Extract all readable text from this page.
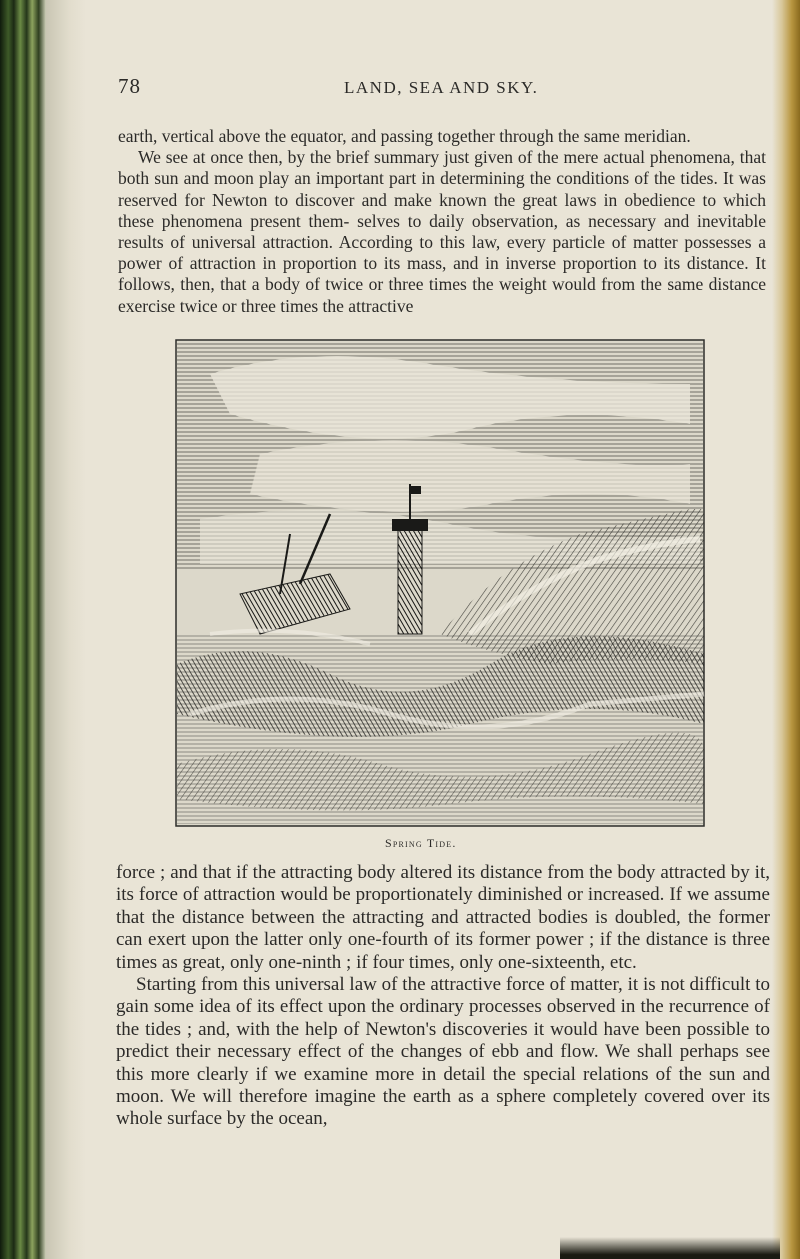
78	LAND, SEA AND SKY.

earth, vertical above the equator, and passing together through the same meridian.

We see at once then, by the brief summary just given of the mere actual phenomena, that both sun and moon play an important part in determining the conditions of the tides. It was reserved for Newton to discover and make known the great laws in obedience to which these phenomena present them- selves to daily observation, as necessary and inevitable results of universal attraction. According to this law, every particle of matter possesses a power of attraction in proportion to its mass, and in inverse proportion to its distance. It follows, then, that a body of twice or three times the weight would from the same distance exercise twice or three times the attractive

Spring Tide.

force ; and that if the attracting body altered its distance from the body attracted by it, its force of attraction would be proportionately diminished or increased. If we assume that the distance between the attracting and attracted bodies is doubled, the former can exert upon the latter only one-fourth of its former power ; if the distance is three times as great, only one-ninth ; if four times, only one-sixteenth, etc.

Starting from this universal law of the attractive force of matter, it is not difficult to gain some idea of its effect upon the ordinary processes observed in the recurrence of the tides ; and, with the help of Newton's discoveries it would have been possible to predict their necessary effect of the changes of ebb and flow. We shall perhaps see this more clearly if we examine more in detail the special relations of the sun and moon. We will therefore imagine the earth as a sphere completely covered over its whole surface by the ocean,
